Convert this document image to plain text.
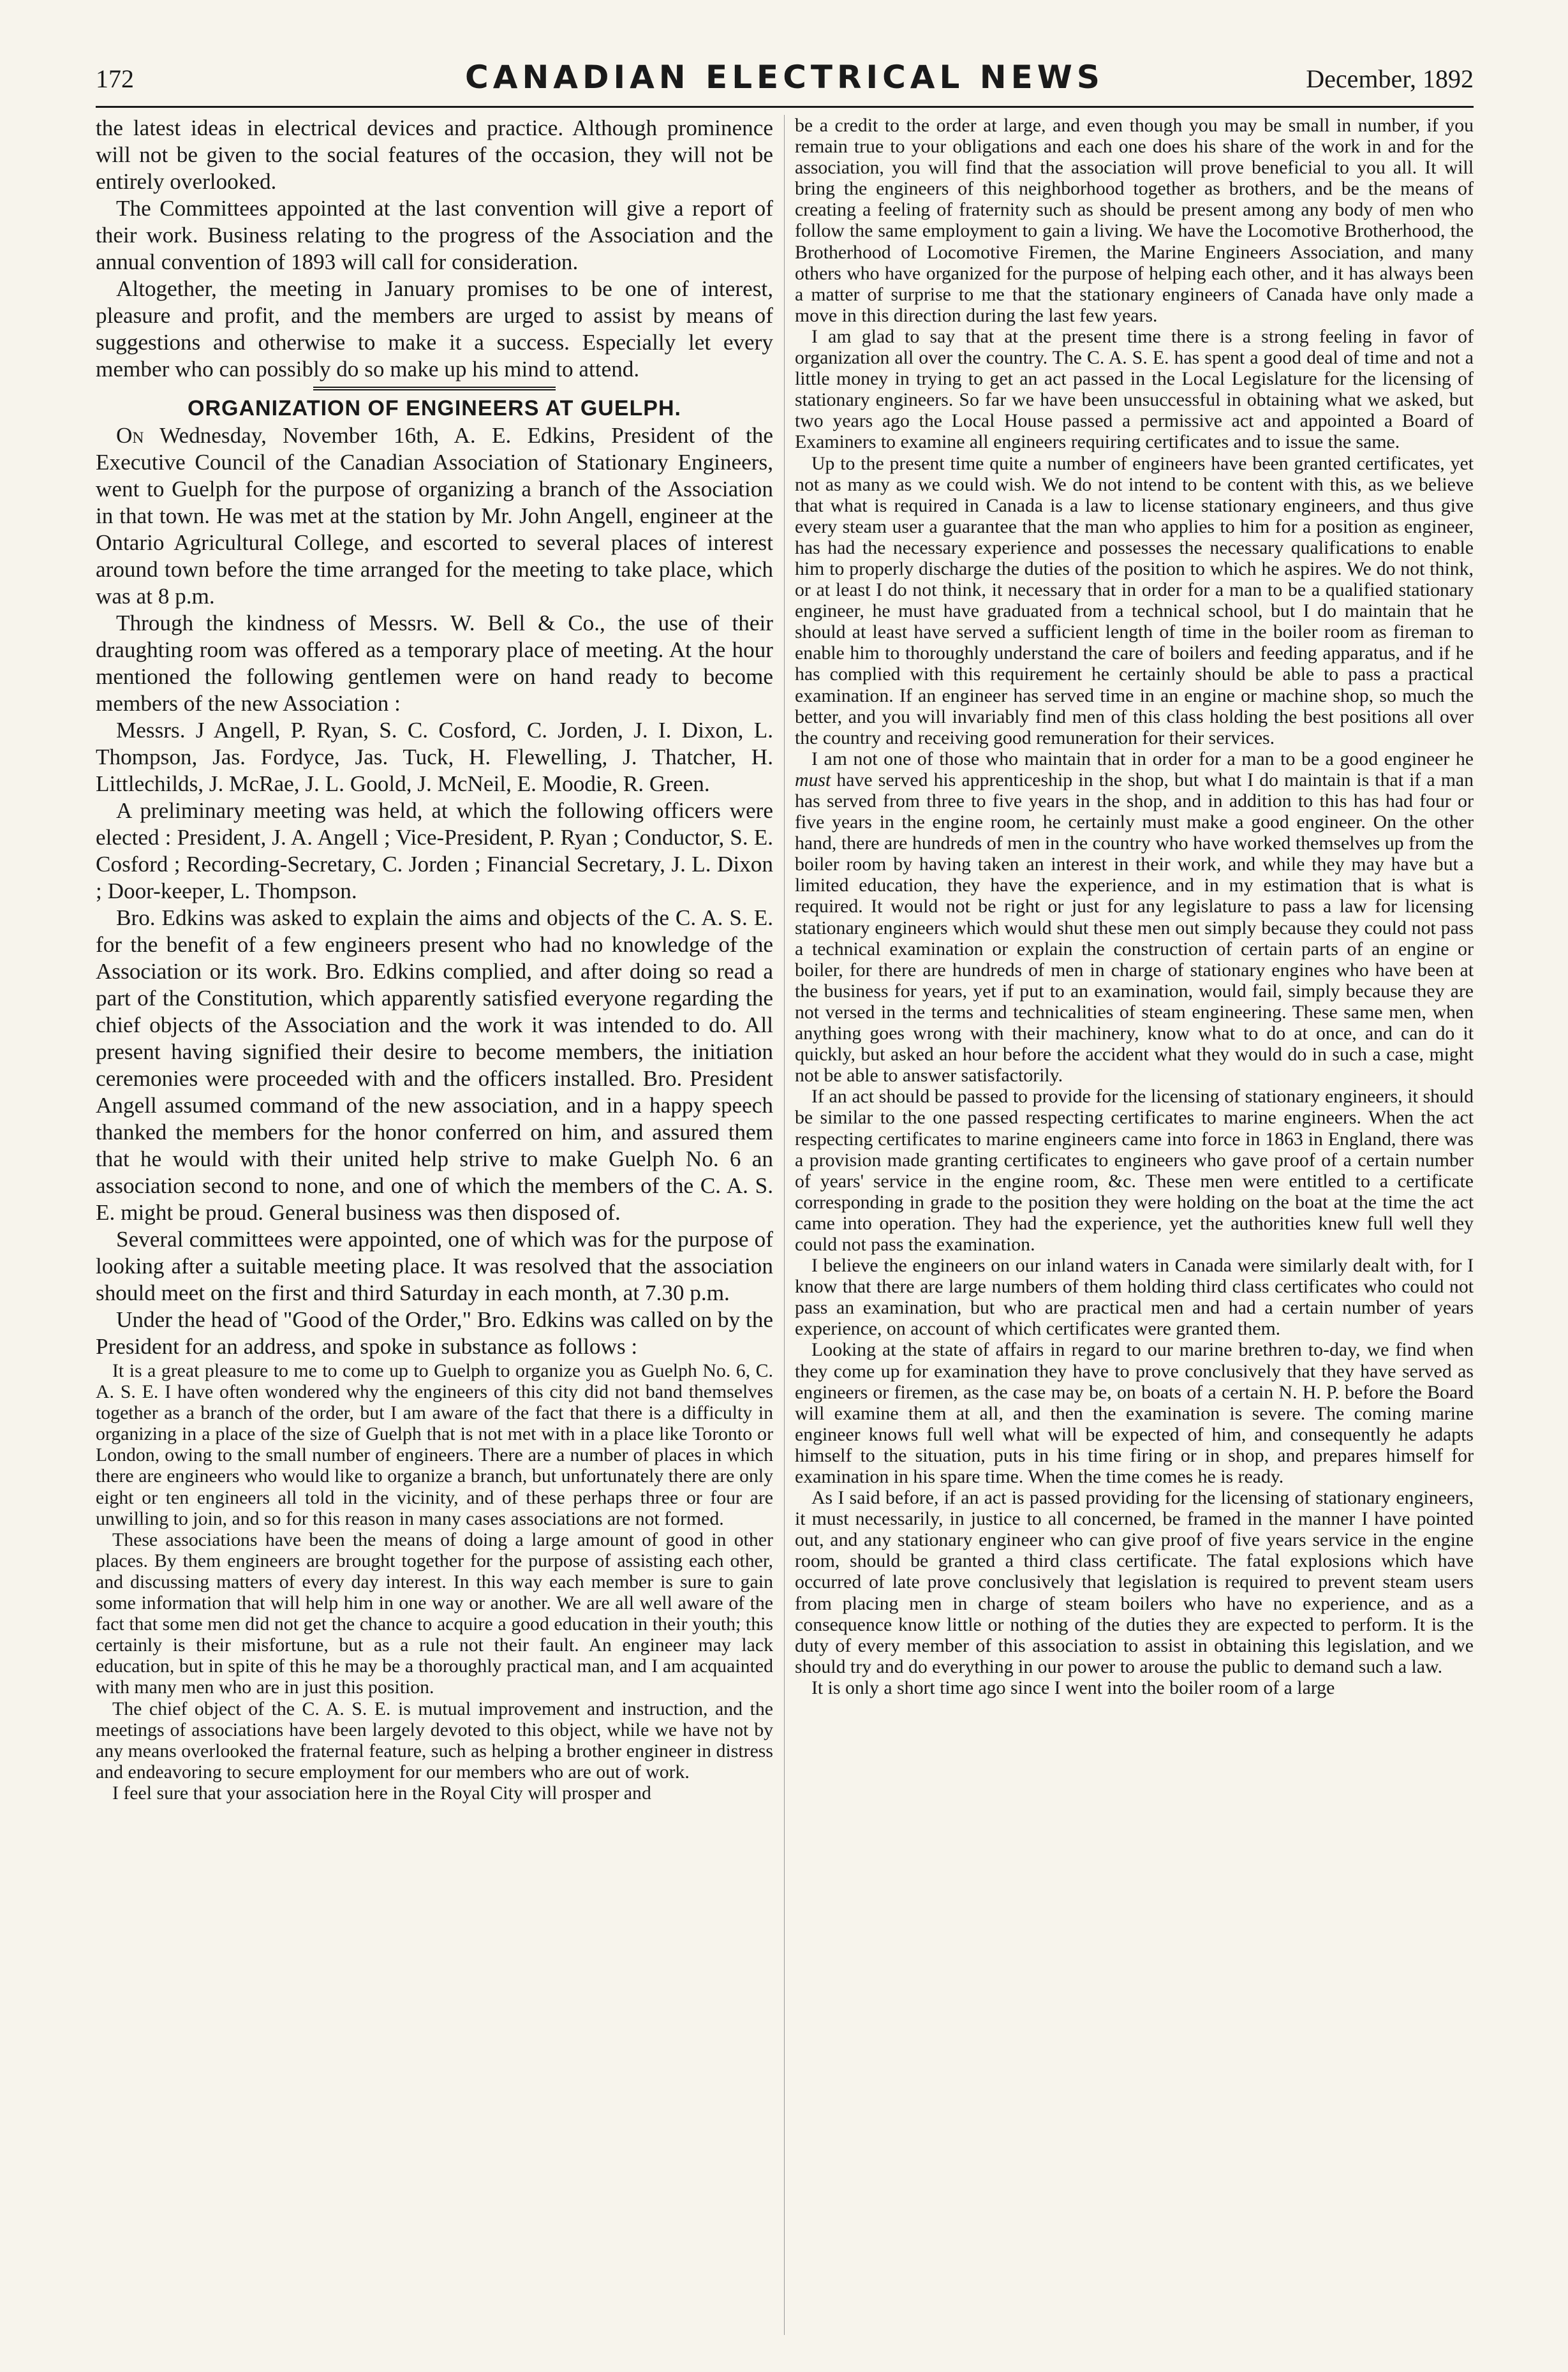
172	CANADIAN ELECTRICAL NEWS	December, 1892

the latest ideas in electrical devices and practice. Although prominence will not be given to the social features of the occasion, they will not be entirely overlooked.

The Committees appointed at the last convention will give a report of their work. Business relating to the progress of the Association and the annual convention of 1893 will call for consideration.

Altogether, the meeting in January promises to be one of interest, pleasure and profit, and the members are urged to assist by means of suggestions and otherwise to make it a success. Especially let every member who can possibly do so make up his mind to attend.

ORGANIZATION OF ENGINEERS AT GUELPH.

On Wednesday, November 16th, A. E. Edkins, President of the Executive Council of the Canadian Association of Stationary Engineers, went to Guelph for the purpose of organizing a branch of the Association in that town. He was met at the station by Mr. John Angell, engineer at the Ontario Agricultural College, and escorted to several places of interest around town before the time arranged for the meeting to take place, which was at 8 p.m.

Through the kindness of Messrs. W. Bell & Co., the use of their draughting room was offered as a temporary place of meeting. At the hour mentioned the following gentlemen were on hand ready to become members of the new Association :

Messrs. J Angell, P. Ryan, S. C. Cosford, C. Jorden, J. I. Dixon, L. Thompson, Jas. Fordyce, Jas. Tuck, H. Flewelling, J. Thatcher, H. Littlechilds, J. McRae, J. L. Goold, J. McNeil, E. Moodie, R. Green.

A preliminary meeting was held, at which the following officers were elected : President, J. A. Angell ; Vice-President, P. Ryan ; Conductor, S. E. Cosford ; Recording-Secretary, C. Jorden ; Financial Secretary, J. L. Dixon ; Door-keeper, L. Thompson.

Bro. Edkins was asked to explain the aims and objects of the C. A. S. E. for the benefit of a few engineers present who had no knowledge of the Association or its work. Bro. Edkins complied, and after doing so read a part of the Constitution, which apparently satisfied everyone regarding the chief objects of the Association and the work it was intended to do. All present having signified their desire to become members, the initiation ceremonies were proceeded with and the officers installed. Bro. President Angell assumed command of the new association, and in a happy speech thanked the members for the honor conferred on him, and assured them that he would with their united help strive to make Guelph No. 6 an association second to none, and one of which the members of the C. A. S. E. might be proud. General business was then disposed of.

Several committees were appointed, one of which was for the purpose of looking after a suitable meeting place. It was resolved that the association should meet on the first and third Saturday in each month, at 7.30 p.m.

Under the head of "Good of the Order," Bro. Edkins was called on by the President for an address, and spoke in substance as follows :

It is a great pleasure to me to come up to Guelph to organize you as Guelph No. 6, C. A. S. E. I have often wondered why the engineers of this city did not band themselves together as a branch of the order, but I am aware of the fact that there is a difficulty in organizing in a place of the size of Guelph that is not met with in a place like Toronto or London, owing to the small number of engineers. There are a number of places in which there are engineers who would like to organize a branch, but unfortunately there are only eight or ten engineers all told in the vicinity, and of these perhaps three or four are unwilling to join, and so for this reason in many cases associations are not formed.

These associations have been the means of doing a large amount of good in other places. By them engineers are brought together for the purpose of assisting each other, and discussing matters of every day interest. In this way each member is sure to gain some information that will help him in one way or another. We are all well aware of the fact that some men did not get the chance to acquire a good education in their youth; this certainly is their misfortune, but as a rule not their fault. An engineer may lack education, but in spite of this he may be a thoroughly practical man, and I am acquainted with many men who are in just this position.

The chief object of the C. A. S. E. is mutual improvement and instruction, and the meetings of associations have been largely devoted to this object, while we have not by any means overlooked the fraternal feature, such as helping a brother engineer in distress and endeavoring to secure employment for our members who are out of work.

I feel sure that your association here in the Royal City will prosper and

be a credit to the order at large, and even though you may be small in number, if you remain true to your obligations and each one does his share of the work in and for the association, you will find that the association will prove beneficial to you all. It will bring the engineers of this neighborhood together as brothers, and be the means of creating a feeling of fraternity such as should be present among any body of men who follow the same employment to gain a living. We have the Locomotive Brotherhood, the Brotherhood of Locomotive Firemen, the Marine Engineers Association, and many others who have organized for the purpose of helping each other, and it has always been a matter of surprise to me that the stationary engineers of Canada have only made a move in this direction during the last few years.

I am glad to say that at the present time there is a strong feeling in favor of organization all over the country. The C. A. S. E. has spent a good deal of time and not a little money in trying to get an act passed in the Local Legislature for the licensing of stationary engineers. So far we have been unsuccessful in obtaining what we asked, but two years ago the Local House passed a permissive act and appointed a Board of Examiners to examine all engineers requiring certificates and to issue the same.

Up to the present time quite a number of engineers have been granted certificates, yet not as many as we could wish. We do not intend to be content with this, as we believe that what is required in Canada is a law to license stationary engineers, and thus give every steam user a guarantee that the man who applies to him for a position as engineer, has had the necessary experience and possesses the necessary qualifications to enable him to properly discharge the duties of the position to which he aspires. We do not think, or at least I do not think, it necessary that in order for a man to be a qualified stationary engineer, he must have graduated from a technical school, but I do maintain that he should at least have served a sufficient length of time in the boiler room as fireman to enable him to thoroughly understand the care of boilers and feeding apparatus, and if he has complied with this requirement he certainly should be able to pass a practical examination. If an engineer has served time in an engine or machine shop, so much the better, and you will invariably find men of this class holding the best positions all over the country and receiving good remuneration for their services.

I am not one of those who maintain that in order for a man to be a good engineer he must have served his apprenticeship in the shop, but what I do maintain is that if a man has served from three to five years in the shop, and in addition to this has had four or five years in the engine room, he certainly must make a good engineer. On the other hand, there are hundreds of men in the country who have worked themselves up from the boiler room by having taken an interest in their work, and while they may have but a limited education, they have the experience, and in my estimation that is what is required. It would not be right or just for any legislature to pass a law for licensing stationary engineers which would shut these men out simply because they could not pass a technical examination or explain the construction of certain parts of an engine or boiler, for there are hundreds of men in charge of stationary engines who have been at the business for years, yet if put to an examination, would fail, simply because they are not versed in the terms and technicalities of steam engineering. These same men, when anything goes wrong with their machinery, know what to do at once, and can do it quickly, but asked an hour before the accident what they would do in such a case, might not be able to answer satisfactorily.

If an act should be passed to provide for the licensing of stationary engineers, it should be similar to the one passed respecting certificates to marine engineers. When the act respecting certificates to marine engineers came into force in 1863 in England, there was a provision made granting certificates to engineers who gave proof of a certain number of years' service in the engine room, &c. These men were entitled to a certificate corresponding in grade to the position they were holding on the boat at the time the act came into operation. They had the experience, yet the authorities knew full well they could not pass the examination.

I believe the engineers on our inland waters in Canada were similarly dealt with, for I know that there are large numbers of them holding third class certificates who could not pass an examination, but who are practical men and had a certain number of years experience, on account of which certificates were granted them.

Looking at the state of affairs in regard to our marine brethren to-day, we find when they come up for examination they have to prove conclusively that they have served as engineers or firemen, as the case may be, on boats of a certain N. H. P. before the Board will examine them at all, and then the examination is severe. The coming marine engineer knows full well what will be expected of him, and consequently he adapts himself to the situation, puts in his time firing or in shop, and prepares himself for examination in his spare time. When the time comes he is ready.

As I said before, if an act is passed providing for the licensing of stationary engineers, it must necessarily, in justice to all concerned, be framed in the manner I have pointed out, and any stationary engineer who can give proof of five years service in the engine room, should be granted a third class certificate. The fatal explosions which have occurred of late prove conclusively that legislation is required to prevent steam users from placing men in charge of steam boilers who have no experience, and as a consequence know little or nothing of the duties they are expected to perform. It is the duty of every member of this association to assist in obtaining this legislation, and we should try and do everything in our power to arouse the public to demand such a law.

It is only a short time ago since I went into the boiler room of a large
